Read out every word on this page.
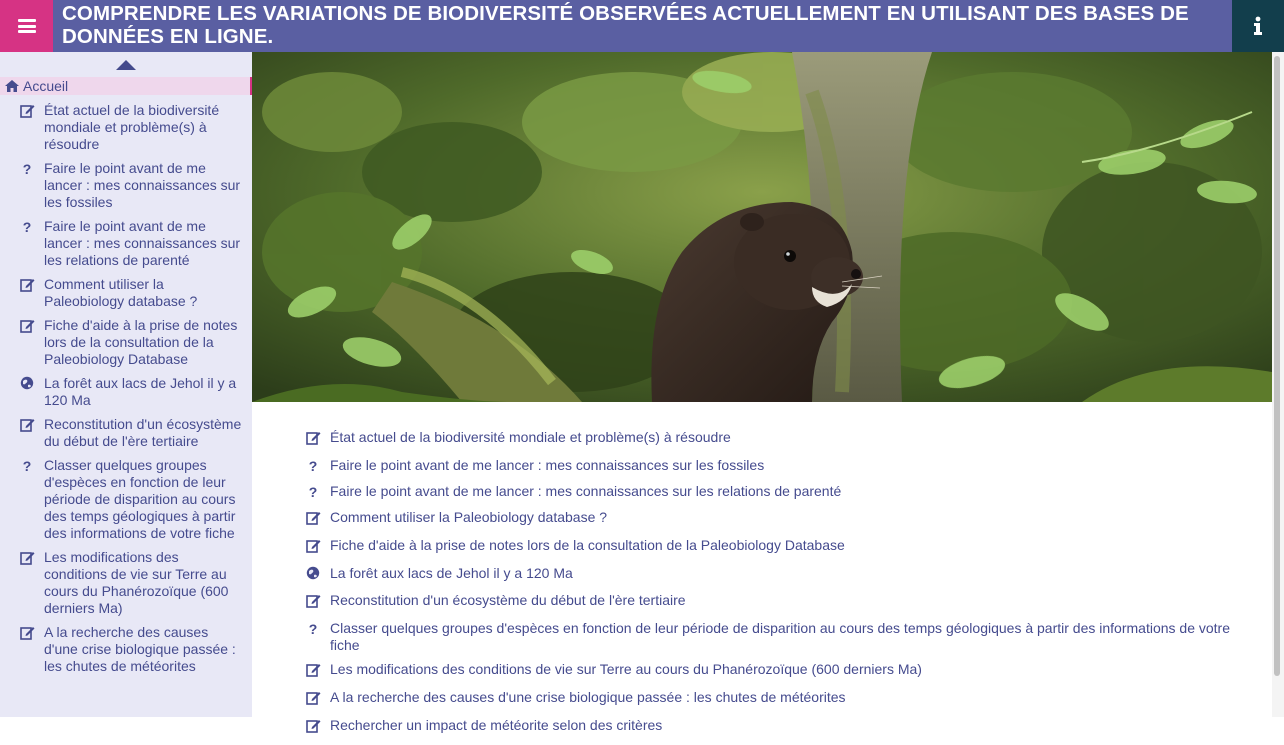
COMPRENDRE LES VARIATIONS DE BIODIVERSITÉ OBSERVÉES ACTUELLEMENT EN UTILISANT DES BASES DE DONNÉES EN LIGNE.
Accueil
État actuel de la biodiversité mondiale et problème(s) à résoudre
? Faire le point avant de me lancer : mes connaissances sur les fossiles
? Faire le point avant de me lancer : mes connaissances sur les relations de parenté
Comment utiliser la Paleobiology database ?
Fiche d'aide à la prise de notes lors de la consultation de la Paleobiology Database
La forêt aux lacs de Jehol il y a 120 Ma
Reconstitution d'un écosystème du début de l'ère tertiaire
? Classer quelques groupes d'espèces en fonction de leur période de disparition au cours des temps géologiques à partir des informations de votre fiche
Les modifications des conditions de vie sur Terre au cours du Phanérozoïque (600 derniers Ma)
A la recherche des causes d'une crise biologique passée : les chutes de météorites
État actuel de la biodiversité mondiale et problème(s) à résoudre
? Faire le point avant de me lancer : mes connaissances sur les fossiles
? Faire le point avant de me lancer : mes connaissances sur les relations de parenté
Comment utiliser la Paleobiology database ?
Fiche d'aide à la prise de notes lors de la consultation de la Paleobiology Database
La forêt aux lacs de Jehol il y a 120 Ma
Reconstitution d'un écosystème du début de l'ère tertiaire
? Classer quelques groupes d'espèces en fonction de leur période de disparition au cours des temps géologiques à partir des informations de votre fiche
Les modifications des conditions de vie sur Terre au cours du Phanérozoïque (600 derniers Ma)
A la recherche des causes d'une crise biologique passée : les chutes de météorites
Rechercher un impact de météorite selon des critères
